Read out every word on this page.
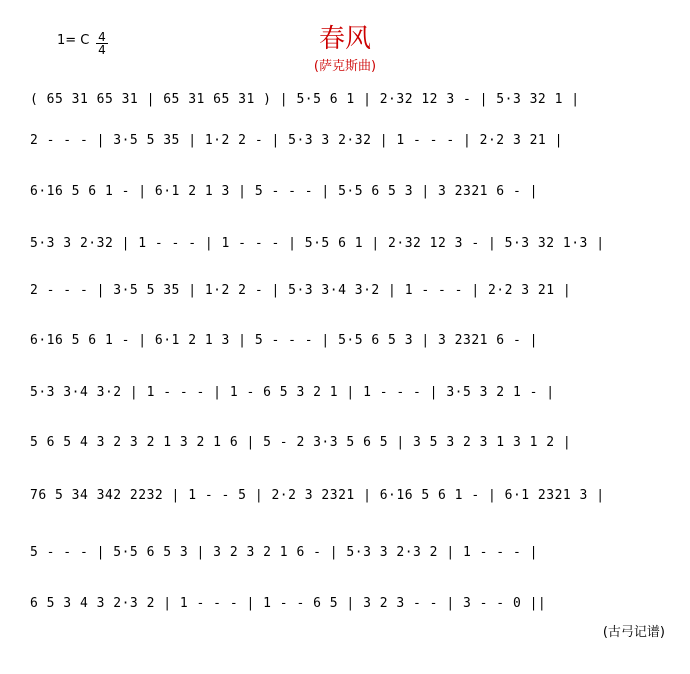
1= C 4
4	春风
(萨克斯曲)
( 65 31 65 31 | 65 31 65 31 ) | 5·5 6 1 | 2·32 12 3 - | 5·3 32 1 |
2 - - - | 3·5 5 35 | 1·2 2 - | 5·3 3 2·32 | 1 - - - | 2·2 3 21 |
6·16 5 6 1 - | 6·1 2 1 3 | 5 - - - | 5·5 6 5 3 | 3 2321 6 - |
5·3 3 2·32 | 1 - - - | 1 - - - | 5·5 6 1 | 2·32 12 3 - | 5·3 32 1·3 |
2 - - - | 3·5 5 35 | 1·2 2 - | 5·3 3·4 3·2 | 1 - - - | 2·2 3 21 |
6·16 5 6 1 - | 6·1 2 1 3 | 5 - - - | 5·5 6 5 3 | 3 2321 6 - |
5·3 3·4 3·2 | 1 - - - | 1 - 6 5 3 2 1 | 1 - - - | 3·5 3 2 1 - |
5 6 5 4 3 2 3 2 1 3 2 1 6 | 5 - 2 3·3 5 6 5 | 3 5 3 2 3 1 3 1 2 |
76 5 34 342 2232 | 1 - - 5 | 2·2 3 2321 | 6·16 5 6 1 - | 6·1 2321 3 |
5 - - - | 5·5 6 5 3 | 3 2 3 2 1 6 - | 5·3 3 2·3 2 | 1 - - - |
6 5 3 4 3 2·3 2 | 1 - - - | 1 - - 6 5 | 3 2 3 - - | 3 - - 0 ||
(古弓记谱)
